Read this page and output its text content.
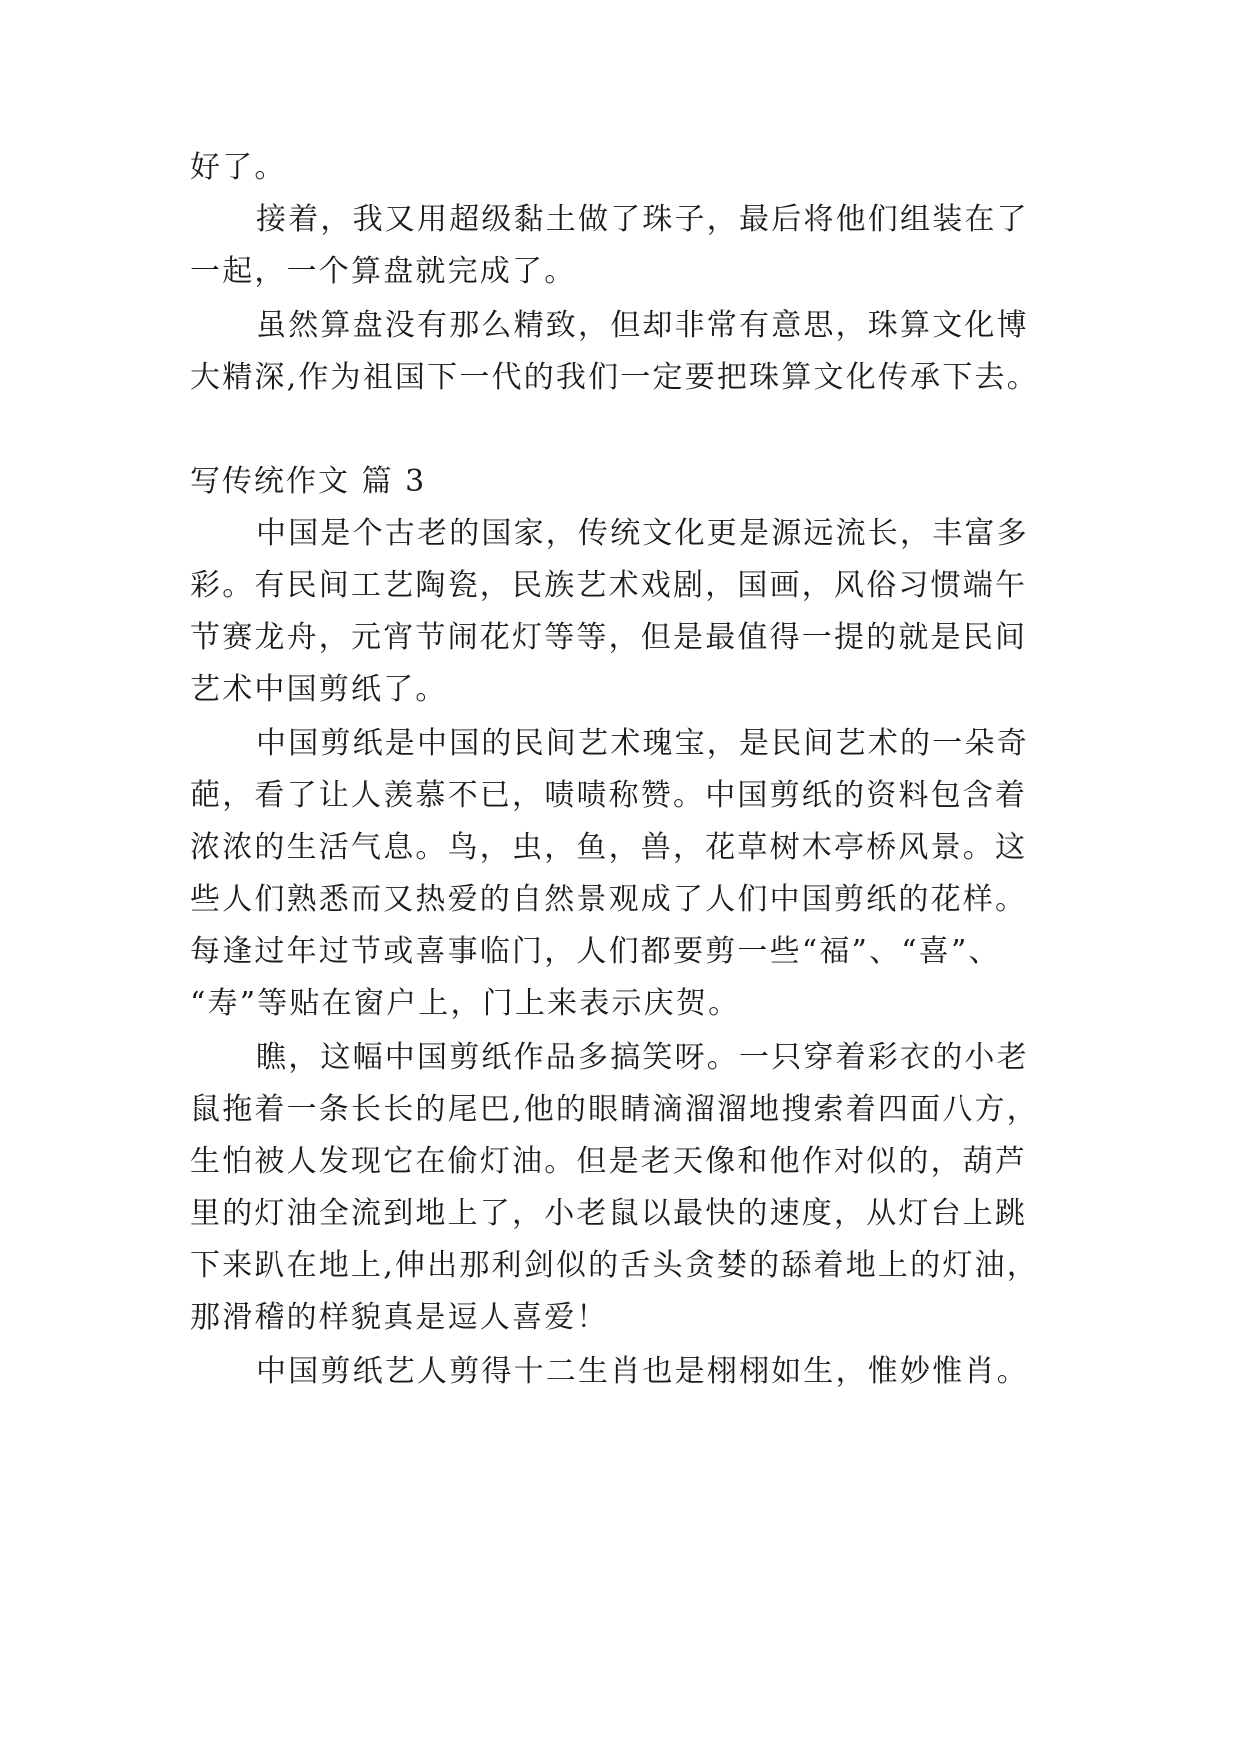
好了。
接着，我又用超级黏土做了珠子，最后将他们组装在了
一起，一个算盘就完成了。
虽然算盘没有那么精致，但却非常有意思，珠算文化博
大精深,作为祖国下一代的我们一定要把珠算文化传承下去。
写传统作文 篇 3
中国是个古老的国家，传统文化更是源远流长，丰富多
彩。有民间工艺陶瓷，民族艺术戏剧，国画，风俗习惯端午
节赛龙舟，元宵节闹花灯等等，但是最值得一提的就是民间
艺术中国剪纸了。
中国剪纸是中国的民间艺术瑰宝，是民间艺术的一朵奇
葩，看了让人羡慕不已，啧啧称赞。中国剪纸的资料包含着
浓浓的生活气息。鸟，虫，鱼，兽，花草树木亭桥风景。这
些人们熟悉而又热爱的自然景观成了人们中国剪纸的花样。
每逢过年过节或喜事临门，人们都要剪一些“福”、“喜”、
“寿”等贴在窗户上，门上来表示庆贺。
瞧，这幅中国剪纸作品多搞笑呀。一只穿着彩衣的小老
鼠拖着一条长长的尾巴,他的眼睛滴溜溜地搜索着四面八方，
生怕被人发现它在偷灯油。但是老天像和他作对似的，葫芦
里的灯油全流到地上了，小老鼠以最快的速度，从灯台上跳
下来趴在地上,伸出那利剑似的舌头贪婪的舔着地上的灯油，
那滑稽的样貌真是逗人喜爱！
中国剪纸艺人剪得十二生肖也是栩栩如生，惟妙惟肖。
